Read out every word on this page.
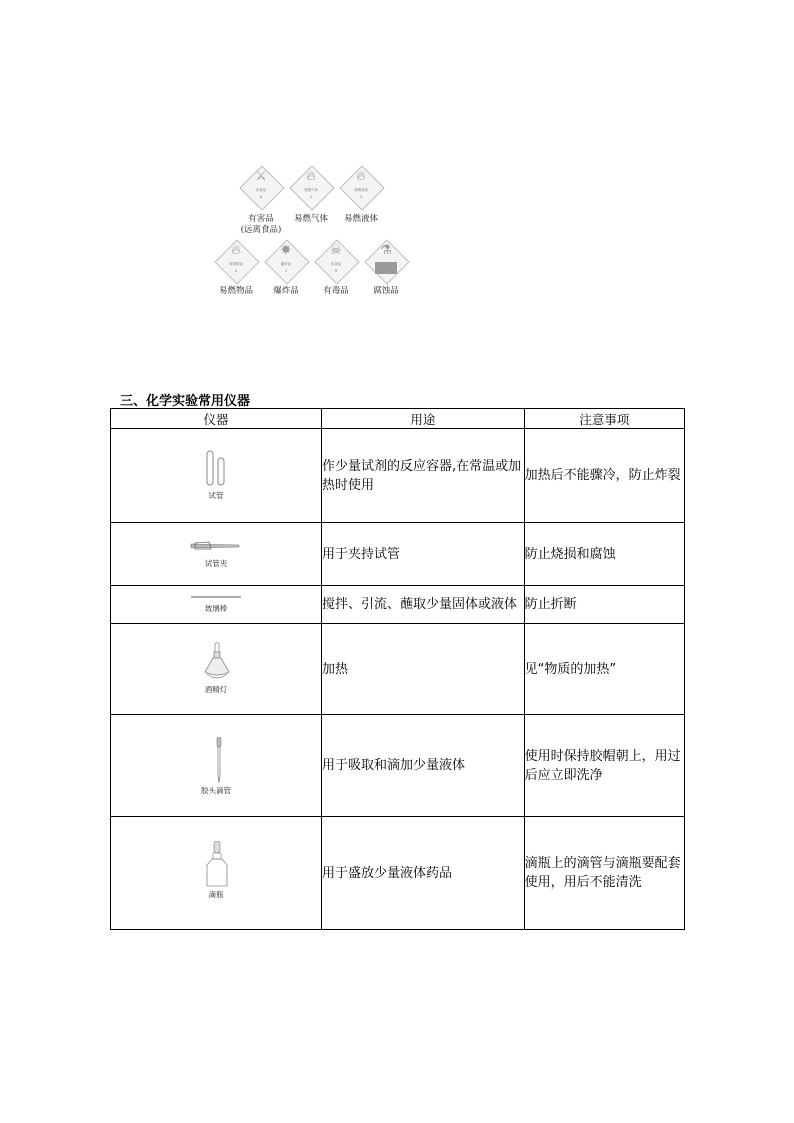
⚔
有害品
6
🔥︎
易燃气体
2
🔥︎
易燃液体
3
有害品
(远离食品)
易燃气体	易燃液体
🔥︎
易燃物品
4
✸
爆炸品
1
☠
有毒品
6
⚗
易燃物品	爆炸品	有毒品	腐蚀品
三、化学实验常用仪器
仪器	用途	注意事项

试管	作少量试剂的反应容器,在常温或加热时使用	加热后不能骤冷，防止炸裂

试管夹	用于夹持试管	防止烧损和腐蚀

玻璃棒	搅拌、引流、蘸取少量固体或液体	防止折断

酒精灯	加热	见“物质的加热”

胶头滴管	用于吸取和滴加少量液体	使用时保持胶帽朝上，用过后应立即洗净

滴瓶	用于盛放少量液体药品	滴瓶上的滴管与滴瓶要配套使用，用后不能清洗
